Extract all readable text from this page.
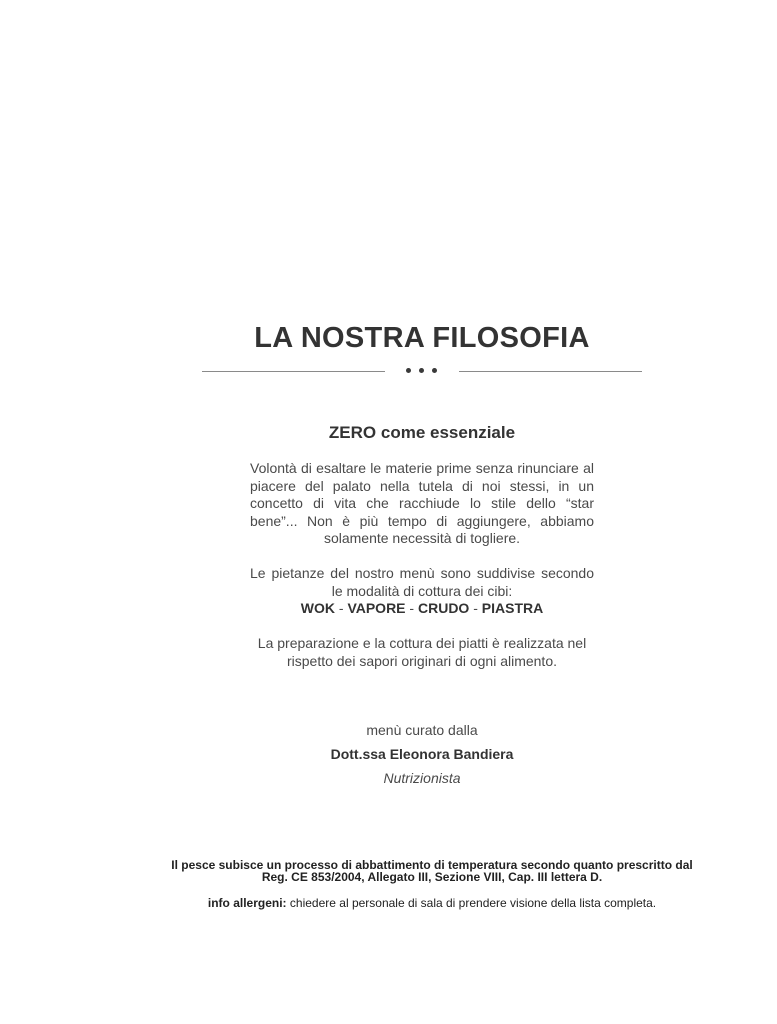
LA NOSTRA FILOSOFIA
ZERO come essenziale

Volontà di esaltare le materie prime senza rinunciare al piacere del palato nella tutela di noi stessi, in un concetto di vita che racchiude lo stile dello “star bene”... Non è più tempo di aggiungere, abbiamo solamente necessità di togliere.

Le pietanze del nostro menù sono suddivise secondo le modalità di cottura dei cibi:
WOK - VAPORE - CRUDO - PIASTRA

La preparazione e la cottura dei piatti è realizzata nel rispetto dei sapori originari di ogni alimento.

menù curato dalla
Dott.ssa Eleonora Bandiera
Nutrizionista
Il pesce subisce un processo di abbattimento di temperatura secondo quanto prescritto dal Reg. CE 853/2004, Allegato III, Sezione VIII, Cap. III lettera D.
info allergeni: chiedere al personale di sala di prendere visione della lista completa.
